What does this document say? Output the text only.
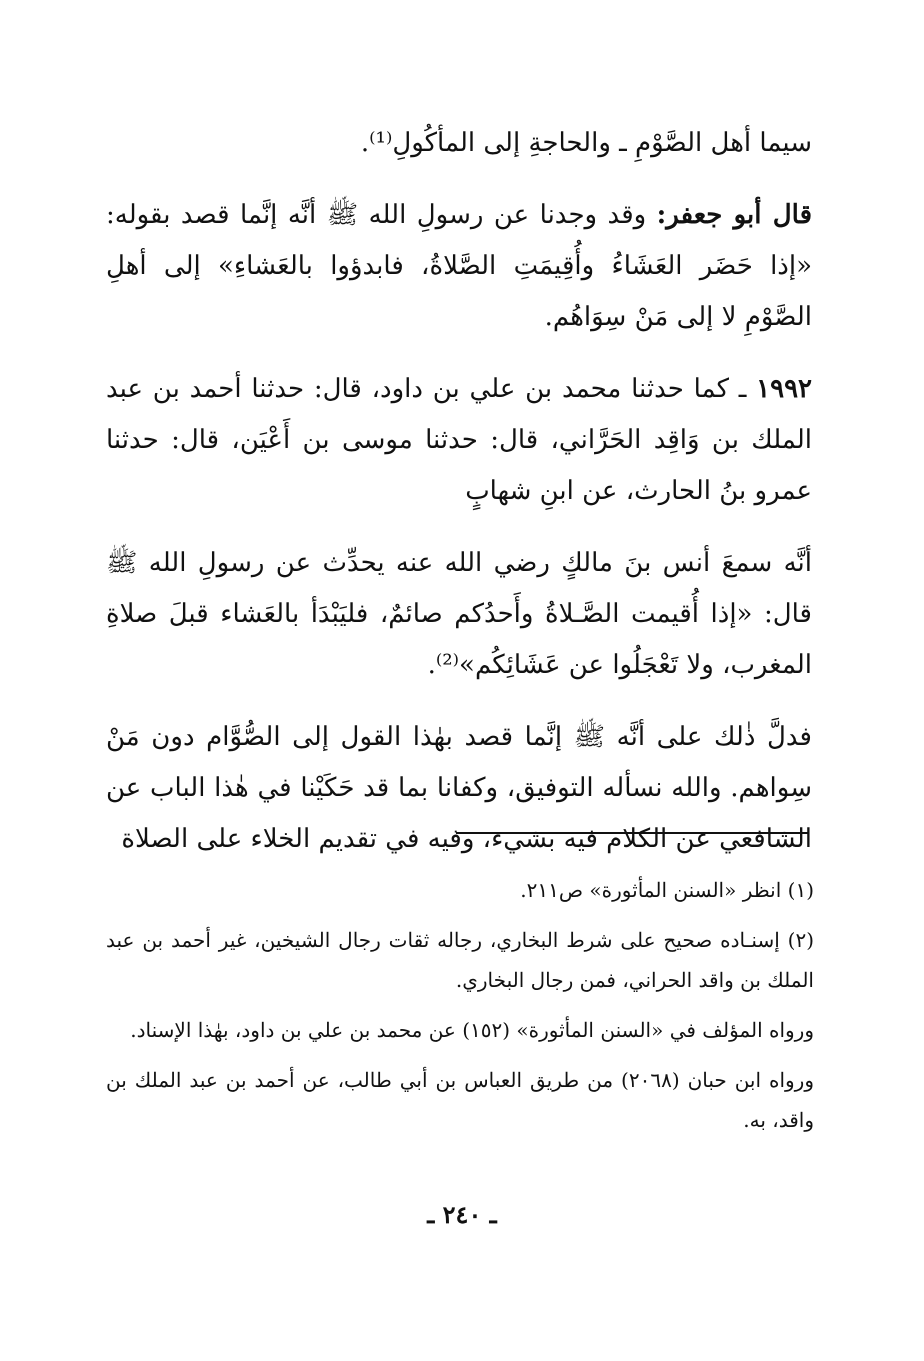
سيما أهل الصَّوْمِ ـ والحاجةِ إلى المأكُولِ⁽¹⁾.

قال أبو جعفر: وقد وجدنا عن رسولِ الله ﷺ أنَّه إنَّما قصد بقوله: «إذا حَضَر العَشَاءُ وأُقِيمَتِ الصَّلاةُ، فابدؤوا بالعَشاءِ» إلى أهلِ الصَّوْمِ لا إلى مَنْ سِوَاهُم.

١٩٩٢ ـ كما حدثنا محمد بن علي بن داود، قال: حدثنا أحمد بن عبد الملك بن وَاقِد الحَرَّاني، قال: حدثنا موسى بن أَعْيَن، قال: حدثنا عمرو بنُ الحارث، عن ابنِ شهابٍ

أنَّه سمعَ أنس بنَ مالكٍ رضي الله عنه يحدِّث عن رسولِ الله ﷺ قال: «إذا أُقيمت الصَّـلاةُ وأَحدُكم صائمٌ، فليَبْدَأ بالعَشاء قبلَ صلاةِ المغرب، ولا تَعْجَلُوا عن عَشَائِكُم»⁽²⁾.

فدلَّ ذٰلك على أنَّه ﷺ إنَّما قصد بهٰذا القول إلى الصُّوَّام دون مَنْ سِواهم. والله نسأله التوفيق، وكفانا بما قد حَكَيْنا في هٰذا الباب عن الشافعي عن الكلام فيه بشيء، وفيه في تقديم الخلاء على الصلاة

(١) انظر «السنن المأثورة» ص٢١١.

(٢) إسنـاده صحيح على شرط البخاري، رجاله ثقات رجال الشيخين، غير أحمد بن عبد الملك بن واقد الحراني، فمن رجال البخاري.

ورواه المؤلف في «السنن المأثورة» (١٥٢) عن محمد بن علي بن داود، بهٰذا الإسناد.

ورواه ابن حبان (٢٠٦٨) من طريق العباس بن أبي طالب، عن أحمد بن عبد الملك بن واقد، به.

ـ ٢٤٠ ـ
